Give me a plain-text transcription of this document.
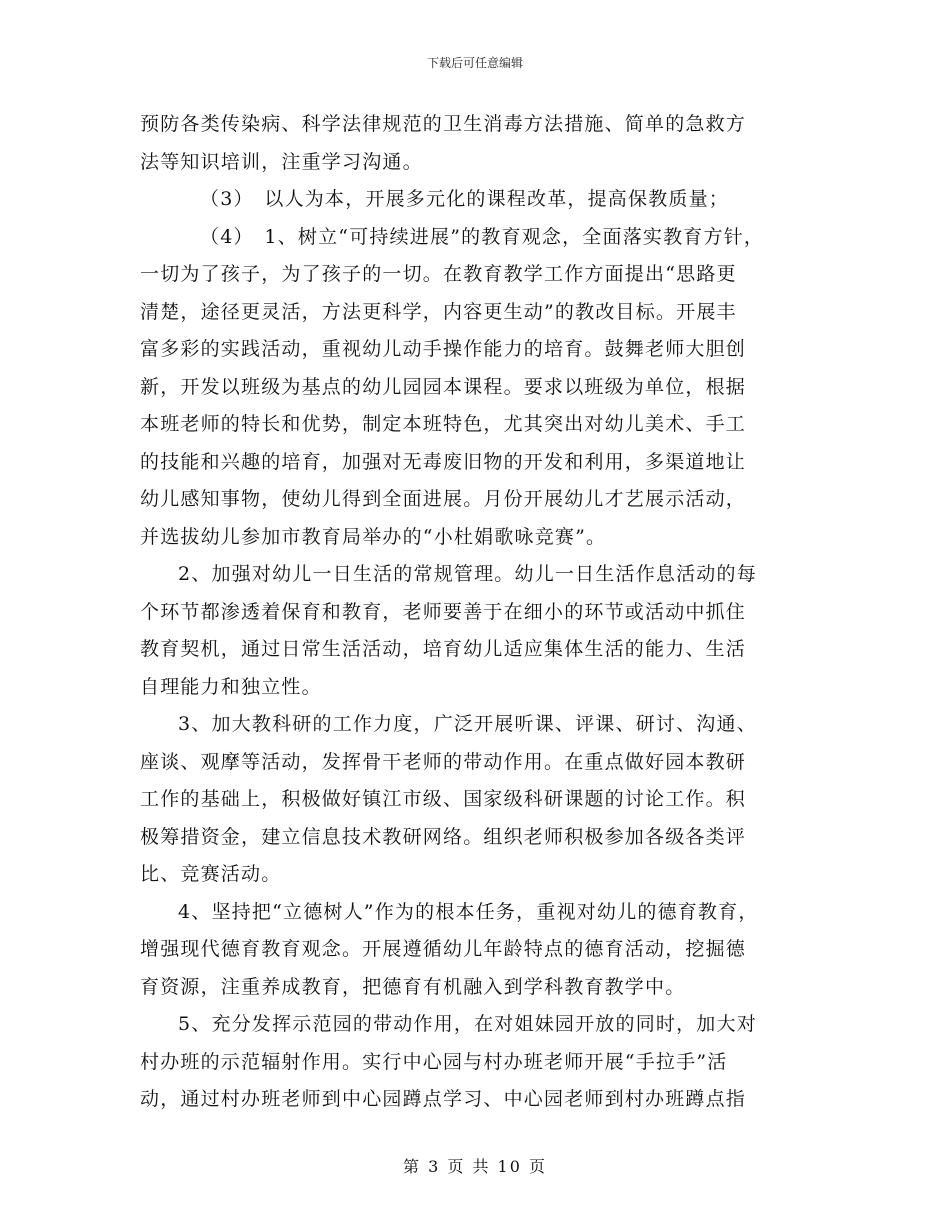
下载后可任意编辑
预防各类传染病、科学法律规范的卫生消毒方法措施、简单的急救方
法等知识培训，注重学习沟通。
（3）　以人为本，开展多元化的课程改革，提高保教质量；
（4）　1、树立“可持续进展”的教育观念，全面落实教育方针，
一切为了孩子，为了孩子的一切。在教育教学工作方面提出“思路更
清楚，途径更灵活，方法更科学，内容更生动”的教改目标。开展丰
富多彩的实践活动，重视幼儿动手操作能力的培育。鼓舞老师大胆创
新，开发以班级为基点的幼儿园园本课程。要求以班级为单位，根据
本班老师的特长和优势，制定本班特色，尤其突出对幼儿美术、手工
的技能和兴趣的培育，加强对无毒废旧物的开发和利用，多渠道地让
幼儿感知事物，使幼儿得到全面进展。月份开展幼儿才艺展示活动，
并选拔幼儿参加市教育局举办的“小杜娟歌咏竞赛”。
2、加强对幼儿一日生活的常规管理。幼儿一日生活作息活动的每
个环节都渗透着保育和教育，老师要善于在细小的环节或活动中抓住
教育契机，通过日常生活活动，培育幼儿适应集体生活的能力、生活
自理能力和独立性。
3、加大教科研的工作力度，广泛开展听课、评课、研讨、沟通、
座谈、观摩等活动，发挥骨干老师的带动作用。在重点做好园本教研
工作的基础上，积极做好镇江市级、国家级科研课题的讨论工作。积
极筹措资金，建立信息技术教研网络。组织老师积极参加各级各类评
比、竞赛活动。
4、坚持把“立德树人”作为的根本任务，重视对幼儿的德育教育，
增强现代德育教育观念。开展遵循幼儿年龄特点的德育活动，挖掘德
育资源，注重养成教育，把德育有机融入到学科教育教学中。
5、充分发挥示范园的带动作用，在对姐妹园开放的同时，加大对
村办班的示范辐射作用。实行中心园与村办班老师开展“手拉手”活
动，通过村办班老师到中心园蹲点学习、中心园老师到村办班蹲点指
第 3 页 共 10 页
